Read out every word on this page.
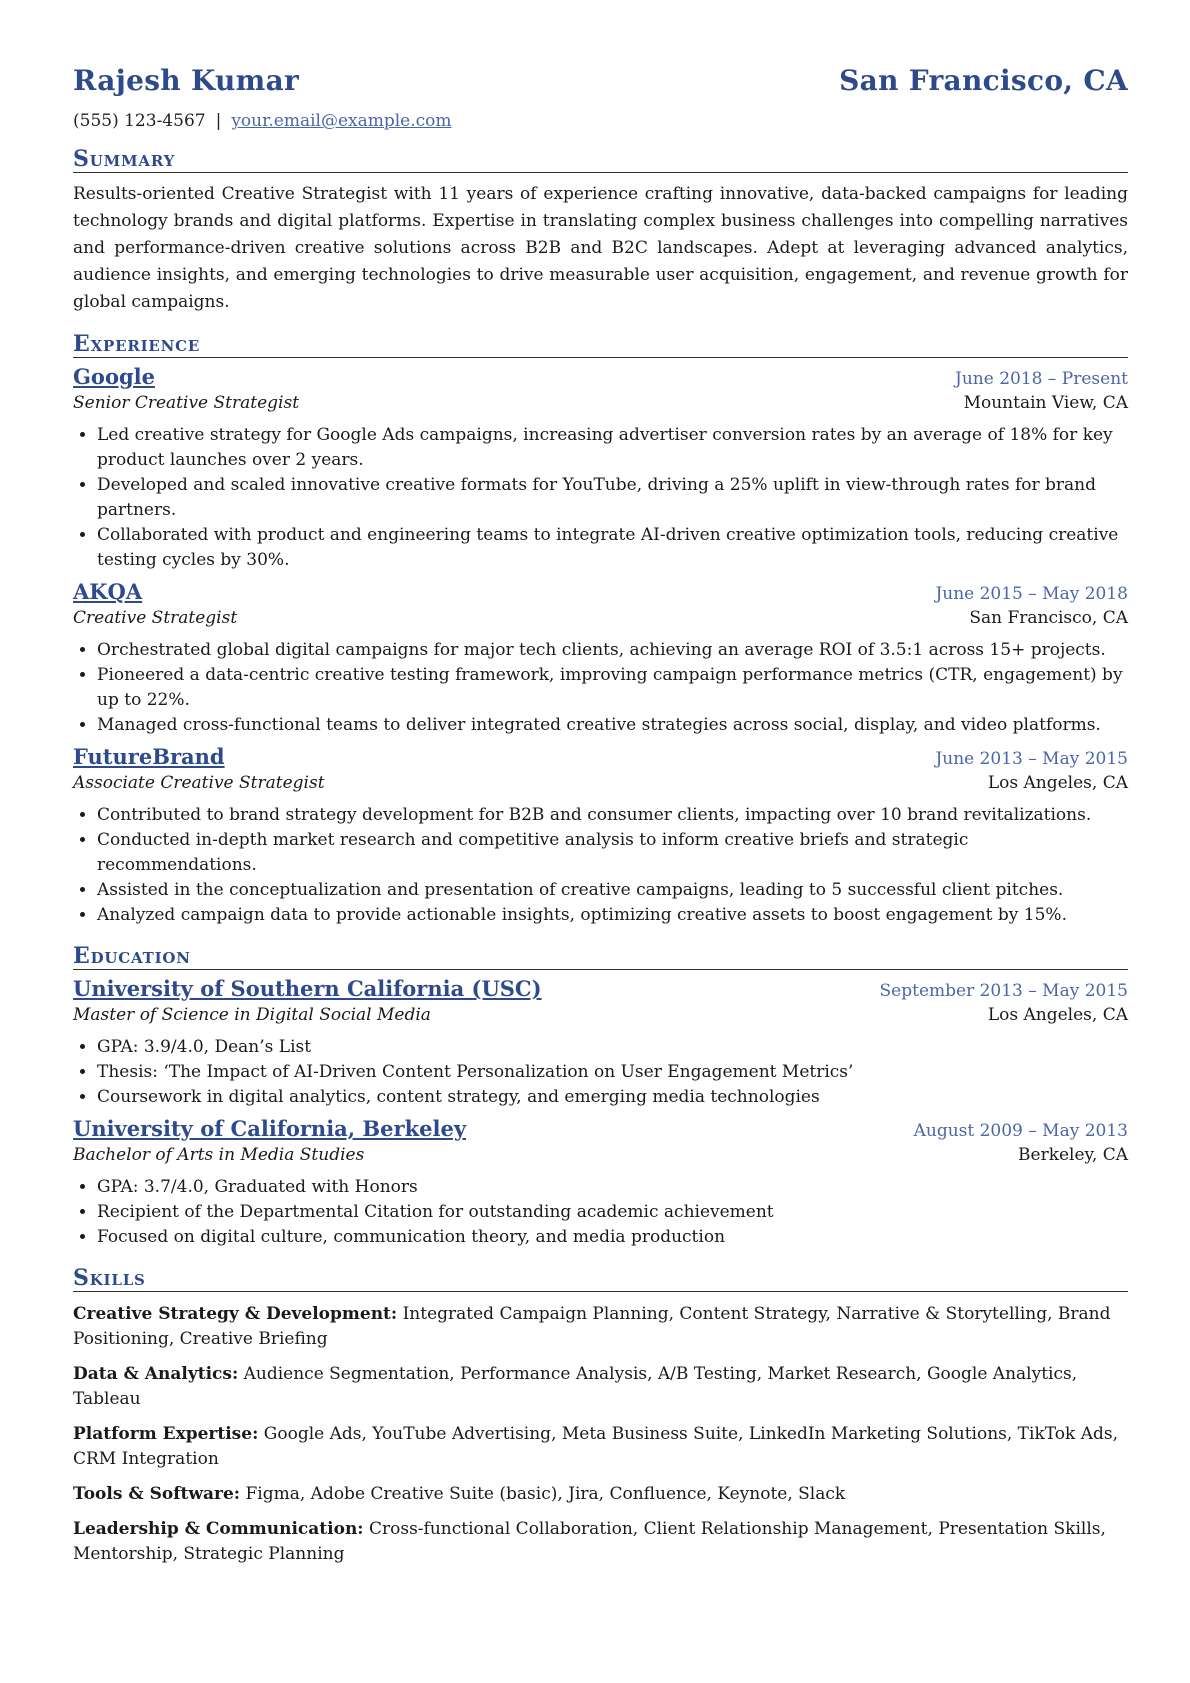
Rajesh Kumar	San Francisco, CA
(555) 123-4567 | your.email@example.com
Summary
Results-oriented Creative Strategist with 11 years of experience crafting innovative, data-backed campaigns for leading technology brands and digital platforms. Expertise in translating complex business challenges into compelling narratives and performance-driven creative solutions across B2B and B2C landscapes. Adept at leveraging advanced analytics, audience insights, and emerging technologies to drive measurable user acquisition, engagement, and revenue growth for global campaigns.
Experience
Google	June 2018 – Present
Senior Creative Strategist	Mountain View, CA
• Led creative strategy for Google Ads campaigns, increasing advertiser conversion rates by an average of 18% for key product launches over 2 years.
• Developed and scaled innovative creative formats for YouTube, driving a 25% uplift in view-through rates for brand partners.
• Collaborated with product and engineering teams to integrate AI-driven creative optimization tools, reducing creative testing cycles by 30%.
AKQA	June 2015 – May 2018
Creative Strategist	San Francisco, CA
• Orchestrated global digital campaigns for major tech clients, achieving an average ROI of 3.5:1 across 15+ projects.
• Pioneered a data-centric creative testing framework, improving campaign performance metrics (CTR, engagement) by up to 22%.
• Managed cross-functional teams to deliver integrated creative strategies across social, display, and video platforms.
FutureBrand	June 2013 – May 2015
Associate Creative Strategist	Los Angeles, CA
• Contributed to brand strategy development for B2B and consumer clients, impacting over 10 brand revitalizations.
• Conducted in-depth market research and competitive analysis to inform creative briefs and strategic recommendations.
• Assisted in the conceptualization and presentation of creative campaigns, leading to 5 successful client pitches.
• Analyzed campaign data to provide actionable insights, optimizing creative assets to boost engagement by 15%.
Education
University of Southern California (USC)	September 2013 – May 2015
Master of Science in Digital Social Media	Los Angeles, CA
• GPA: 3.9/4.0, Dean’s List
• Thesis: ‘The Impact of AI-Driven Content Personalization on User Engagement Metrics’
• Coursework in digital analytics, content strategy, and emerging media technologies
University of California, Berkeley	August 2009 – May 2013
Bachelor of Arts in Media Studies	Berkeley, CA
• GPA: 3.7/4.0, Graduated with Honors
• Recipient of the Departmental Citation for outstanding academic achievement
• Focused on digital culture, communication theory, and media production
Skills
Creative Strategy & Development: Integrated Campaign Planning, Content Strategy, Narrative & Storytelling, Brand Positioning, Creative Briefing
Data & Analytics: Audience Segmentation, Performance Analysis, A/B Testing, Market Research, Google Analytics, Tableau
Platform Expertise: Google Ads, YouTube Advertising, Meta Business Suite, LinkedIn Marketing Solutions, TikTok Ads, CRM Integration
Tools & Software: Figma, Adobe Creative Suite (basic), Jira, Confluence, Keynote, Slack
Leadership & Communication: Cross-functional Collaboration, Client Relationship Management, Presentation Skills, Mentorship, Strategic Planning
